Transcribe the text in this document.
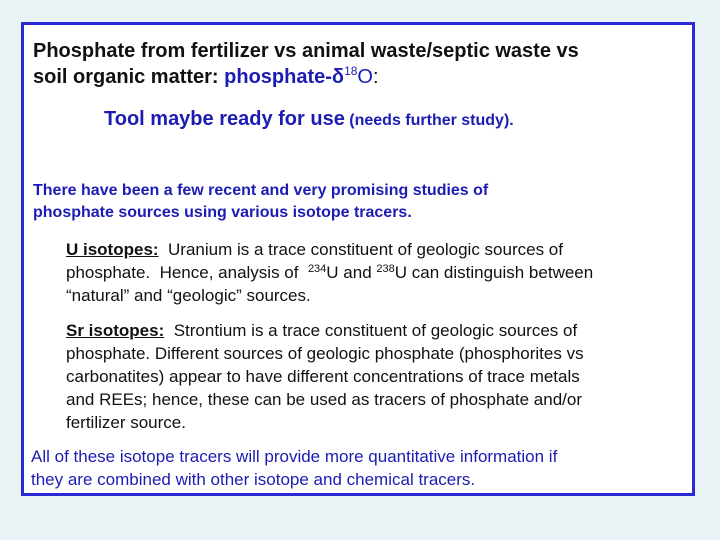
Phosphate from fertilizer vs animal waste/septic waste vs
soil organic matter: phosphate-$\delta^{18}O$:
Tool maybe ready for use (needs further study).
There have been a few recent and very promising studies of
phosphate sources using various isotope tracers.
U isotopes:  Uranium is a trace constituent of geologic sources of
phosphate.  Hence, analysis of  $^{234}$U and $^{238}$U can distinguish between
“natural” and “geologic” sources.
Sr isotopes:  Strontium is a trace constituent of geologic sources of
phosphate. Different sources of geologic phosphate (phosphorites vs
carbonatites) appear to have different concentrations of trace metals
and REEs; hence, these can be used as tracers of phosphate and/or
fertilizer source.
All of these isotope tracers will provide more quantitative information if
they are combined with other isotope and chemical tracers.
